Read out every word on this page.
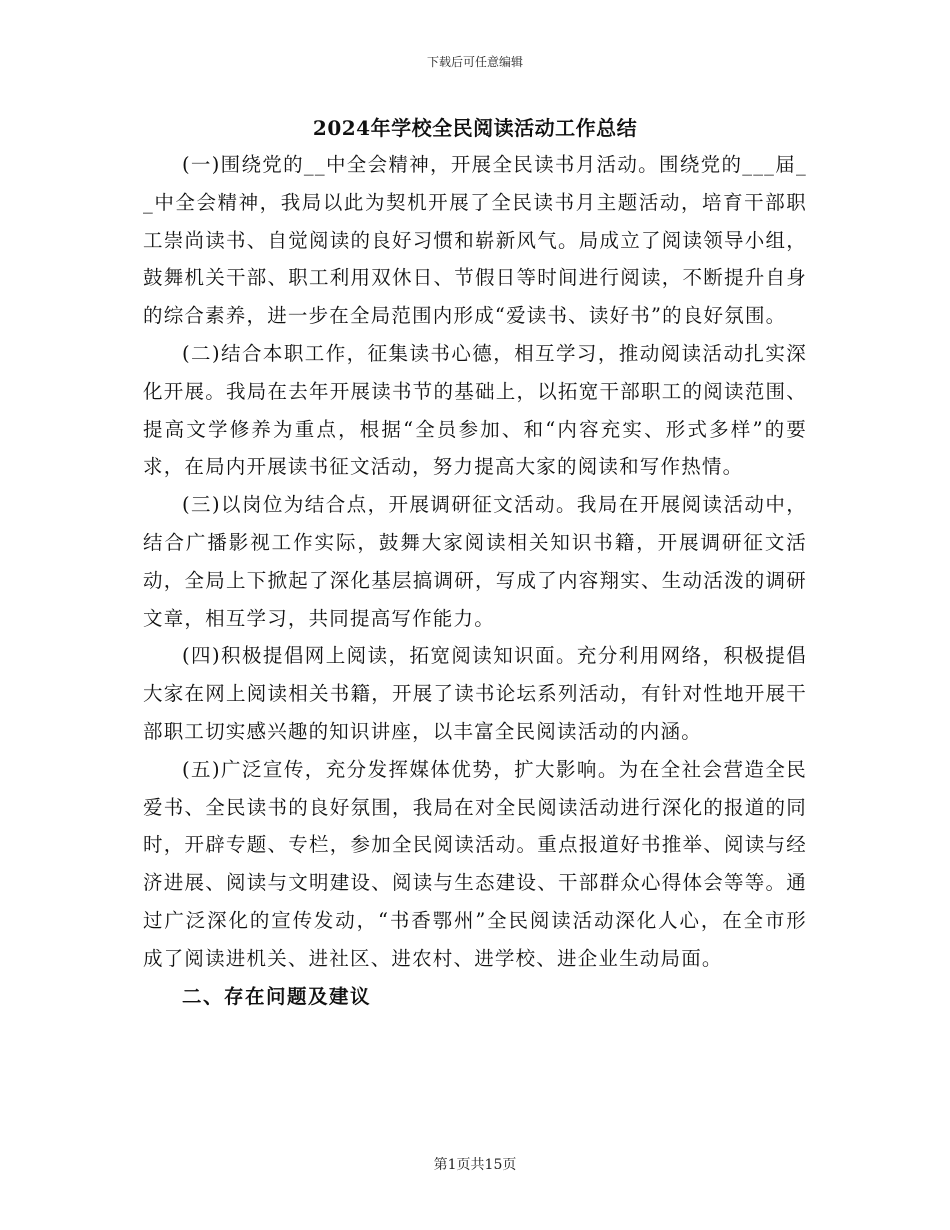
下载后可任意编辑
2024年学校全民阅读活动工作总结

(一)围绕党的__中全会精神，开展全民读书月活动。围绕党的___届__中全会精神，我局以此为契机开展了全民读书月主题活动，培育干部职工崇尚读书、自觉阅读的良好习惯和崭新风气。局成立了阅读领导小组，鼓舞机关干部、职工利用双休日、节假日等时间进行阅读，不断提升自身的综合素养，进一步在全局范围内形成“爱读书、读好书”的良好氛围。

(二)结合本职工作，征集读书心德，相互学习，推动阅读活动扎实深化开展。我局在去年开展读书节的基础上，以拓宽干部职工的阅读范围、提高文学修养为重点，根据“全员参加、和“内容充实、形式多样”的要求，在局内开展读书征文活动，努力提高大家的阅读和写作热情。

(三)以岗位为结合点，开展调研征文活动。我局在开展阅读活动中，结合广播影视工作实际，鼓舞大家阅读相关知识书籍，开展调研征文活动，全局上下掀起了深化基层搞调研，写成了内容翔实、生动活泼的调研文章，相互学习，共同提高写作能力。

(四)积极提倡网上阅读，拓宽阅读知识面。充分利用网络，积极提倡大家在网上阅读相关书籍，开展了读书论坛系列活动，有针对性地开展干部职工切实感兴趣的知识讲座，以丰富全民阅读活动的内涵。

(五)广泛宣传，充分发挥媒体优势，扩大影响。为在全社会营造全民爱书、全民读书的良好氛围，我局在对全民阅读活动进行深化的报道的同时，开辟专题、专栏，参加全民阅读活动。重点报道好书推举、阅读与经济进展、阅读与文明建设、阅读与生态建设、干部群众心得体会等等。通过广泛深化的宣传发动，“书香鄂州”全民阅读活动深化人心，在全市形成了阅读进机关、进社区、进农村、进学校、进企业生动局面。

二、存在问题及建议

第1页共15页
